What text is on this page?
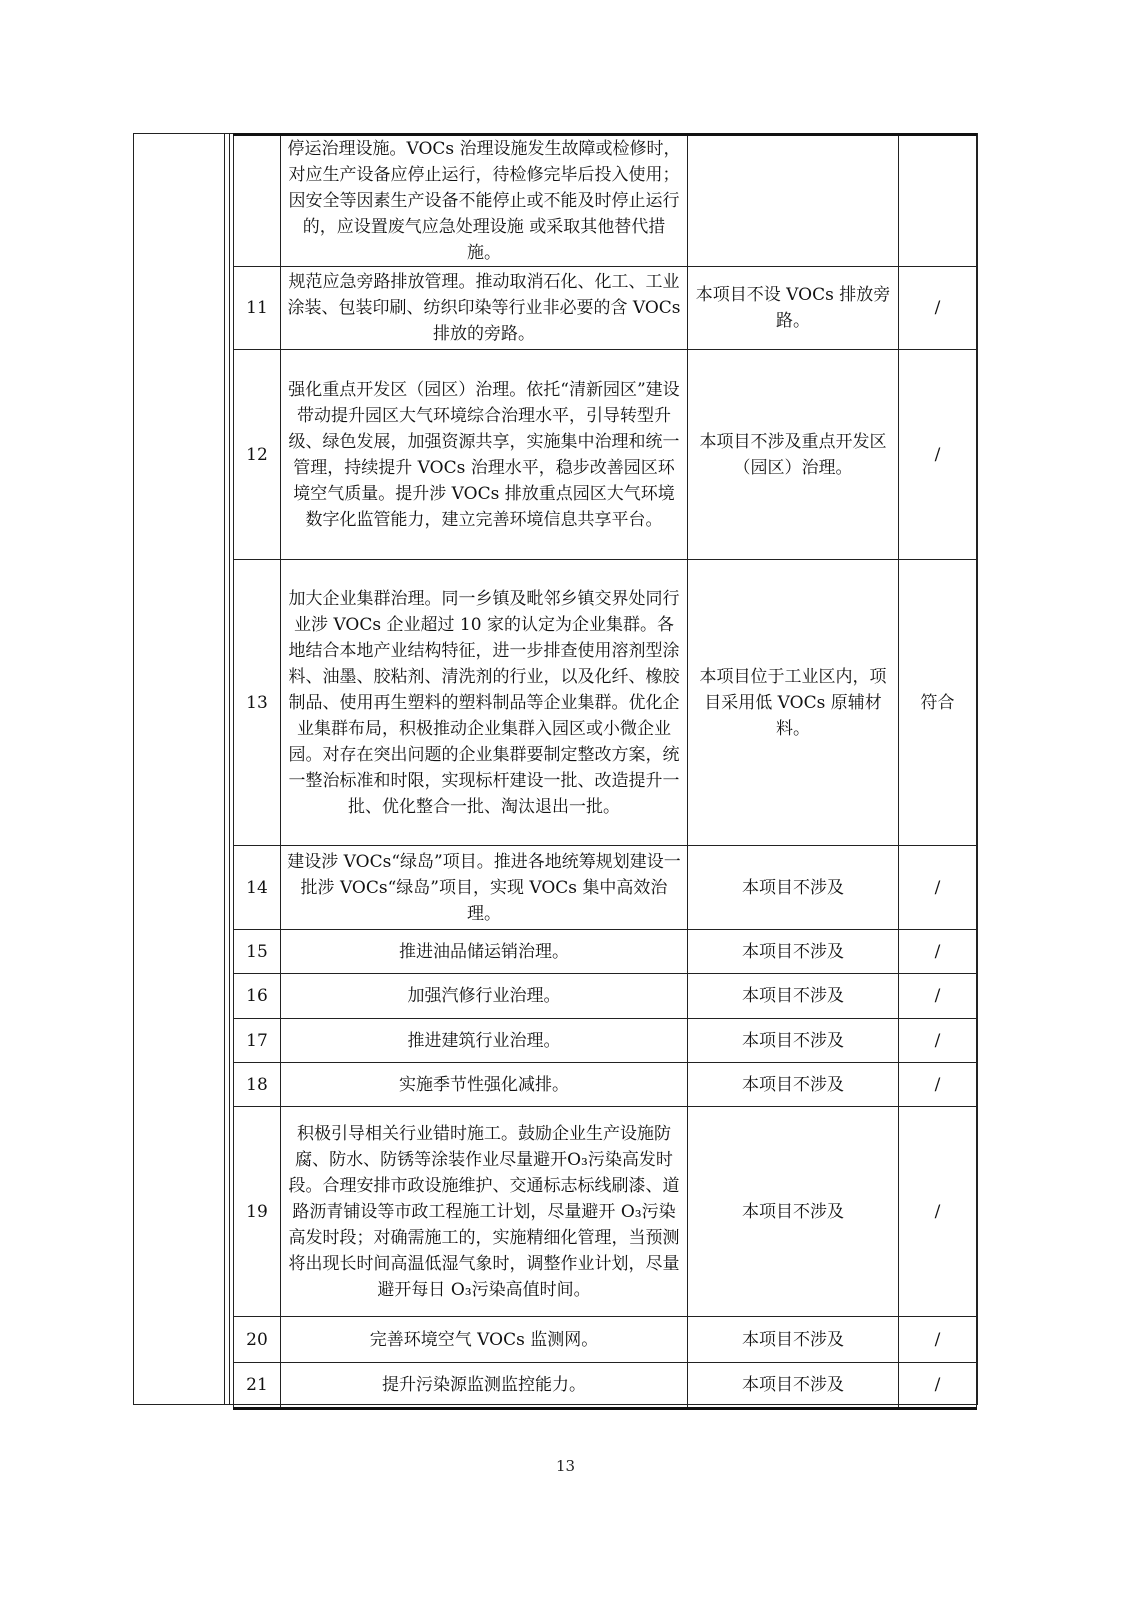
	停运治理设施。VOCs 治理设施发生故障或检修时，对应生产设备应停止运行，待检修完毕后投入使用；因安全等因素生产设备不能停止或不能及时停止运行的，应设置废气应急处理设施 或采取其他替代措施。		
11	规范应急旁路排放管理。推动取消石化、化工、工业涂装、包装印刷、纺织印染等行业非必要的含 VOCs 排放的旁路。	本项目不设 VOCs 排放旁路。	/
12	强化重点开发区（园区）治理。依托“清新园区”建设带动提升园区大气环境综合治理水平，引导转型升级、绿色发展，加强资源共享，实施集中治理和统一管理，持续提升 VOCs 治理水平，稳步改善园区环境空气质量。提升涉 VOCs 排放重点园区大气环境数字化监管能力，建立完善环境信息共享平台。	本项目不涉及重点开发区（园区）治理。	/
13	加大企业集群治理。同一乡镇及毗邻乡镇交界处同行业涉 VOCs 企业超过 10 家的认定为企业集群。各地结合本地产业结构特征，进一步排查使用溶剂型涂料、油墨、胶粘剂、清洗剂的行业，以及化纤、橡胶制品、使用再生塑料的塑料制品等企业集群。优化企业集群布局，积极推动企业集群入园区或小微企业园。对存在突出问题的企业集群要制定整改方案，统一整治标准和时限，实现标杆建设一批、改造提升一批、优化整合一批、淘汰退出一批。	本项目位于工业区内，项目采用低 VOCs 原辅材料。	符合
14	建设涉 VOCs“绿岛”项目。推进各地统筹规划建设一批涉 VOCs“绿岛”项目，实现 VOCs 集中高效治理。	本项目不涉及	/
15	推进油品储运销治理。	本项目不涉及	/
16	加强汽修行业治理。	本项目不涉及	/
17	推进建筑行业治理。	本项目不涉及	/
18	实施季节性强化减排。	本项目不涉及	/
19	积极引导相关行业错时施工。鼓励企业生产设施防腐、防水、防锈等涂装作业尽量避开O₃污染高发时段。合理安排市政设施维护、交通标志标线刷漆、道路沥青铺设等市政工程施工计划，尽量避开 O₃污染高发时段；对确需施工的，实施精细化管理，当预测将出现长时间高温低湿气象时，调整作业计划，尽量避开每日 O₃污染高值时间。	本项目不涉及	/
20	完善环境空气 VOCs 监测网。	本项目不涉及	/
21	提升污染源监测监控能力。	本项目不涉及	/
13
